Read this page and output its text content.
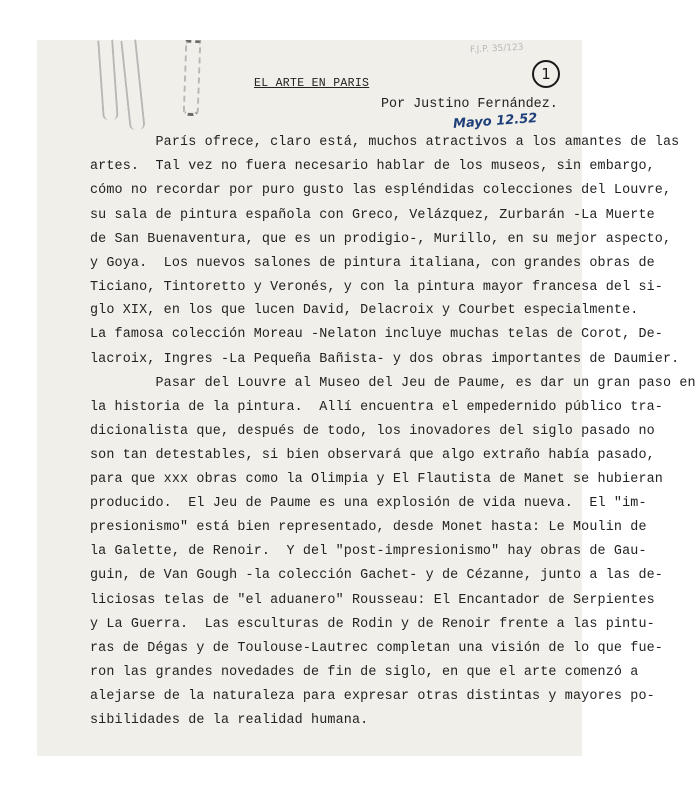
F.J.P. 35/123
1
EL ARTE EN PARIS
Por Justino Fernández.
Mayo 12.52
París ofrece, claro está, muchos atractivos a los amantes de las
artes.  Tal vez no fuera necesario hablar de los museos, sin embargo,
cómo no recordar por puro gusto las espléndidas colecciones del Louvre,
su sala de pintura española con Greco, Velázquez, Zurbarán -La Muerte
de San Buenaventura, que es un prodigio-, Murillo, en su mejor aspecto,
y Goya.  Los nuevos salones de pintura italiana, con grandes obras de
Ticiano, Tintoretto y Veronés, y con la pintura mayor francesa del si-
glo XIX, en los que lucen David, Delacroix y Courbet especialmente.
La famosa colección Moreau -Nelaton incluye muchas telas de Corot, De-
lacroix, Ingres -La Pequeña Bañista- y dos obras importantes de Daumier.
Pasar del Louvre al Museo del Jeu de Paume, es dar un gran paso en
la historia de la pintura.  Allí encuentra el empedernido público tra-
dicionalista que, después de todo, los inovadores del siglo pasado no
son tan detestables, si bien observará que algo extraño había pasado,
para que xxx obras como la Olimpia y El Flautista de Manet se hubieran
producido.  El Jeu de Paume es una explosión de vida nueva.  El "im-
presionismo" está bien representado, desde Monet hasta: Le Moulin de
la Galette, de Renoir.  Y del "post-impresionismo" hay obras de Gau-
guin, de Van Gough -la colección Gachet- y de Cézanne, junto a las de-
liciosas telas de "el aduanero" Rousseau: El Encantador de Serpientes
y La Guerra.  Las esculturas de Rodin y de Renoir frente a las pintu-
ras de Dégas y de Toulouse-Lautrec completan una visión de lo que fue-
ron las grandes novedades de fin de siglo, en que el arte comenzó a
alejarse de la naturaleza para expresar otras distintas y mayores po-
sibilidades de la realidad humana.
